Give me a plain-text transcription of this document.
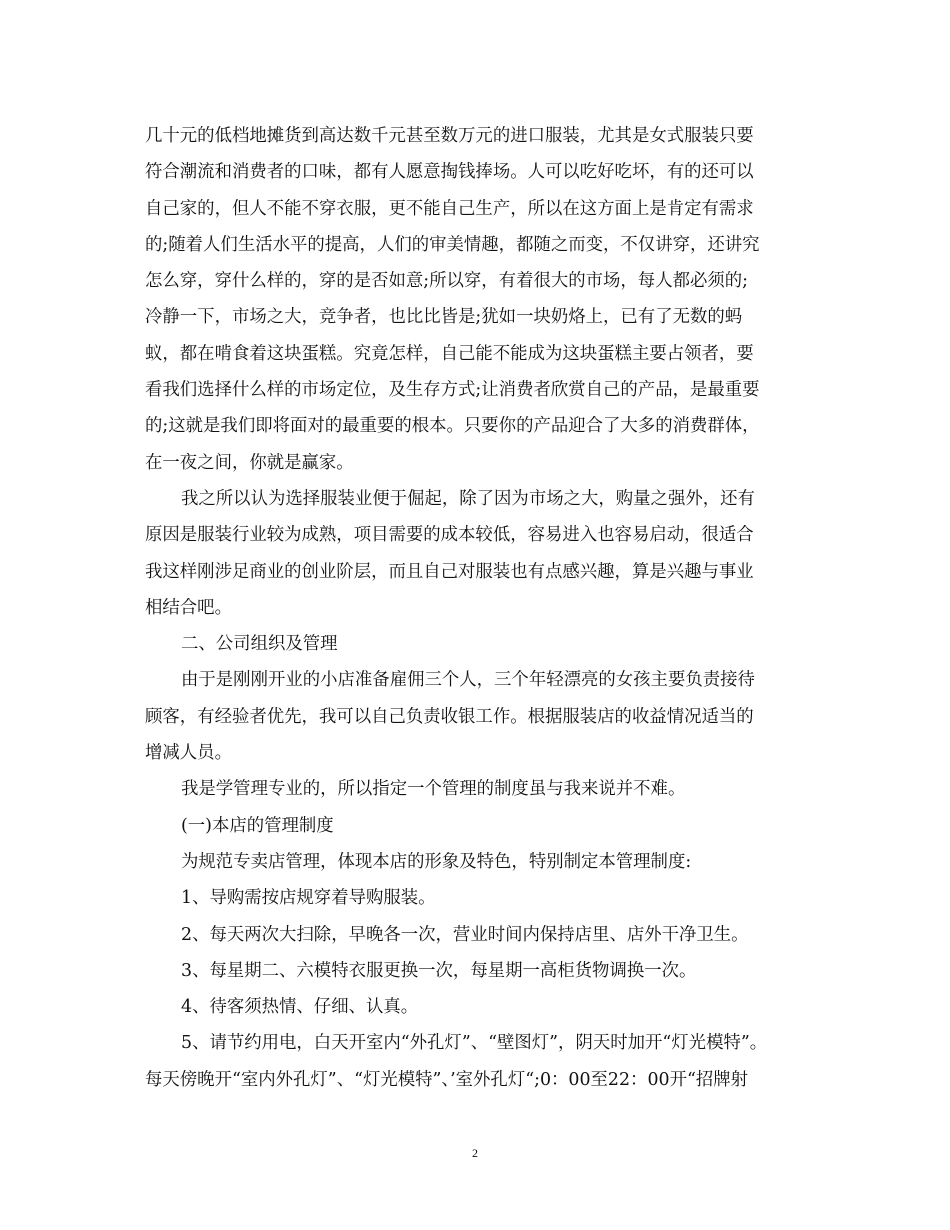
几十元的低档地摊货到高达数千元甚至数万元的进口服装，尤其是女式服装只要
符合潮流和消费者的口味，都有人愿意掏钱捧场。人可以吃好吃坏，有的还可以
自己家的，但人不能不穿衣服，更不能自己生产，所以在这方面上是肯定有需求
的;随着人们生活水平的提高，人们的审美情趣，都随之而变，不仅讲穿，还讲究
怎么穿，穿什么样的，穿的是否如意;所以穿，有着很大的市场，每人都必须的;
冷静一下，市场之大，竞争者，也比比皆是;犹如一块奶烙上，已有了无数的蚂
蚁，都在啃食着这块蛋糕。究竟怎样，自己能不能成为这块蛋糕主要占领者，要
看我们选择什么样的市场定位，及生存方式;让消费者欣赏自己的产品，是最重要
的;这就是我们即将面对的最重要的根本。只要你的产品迎合了大多的消费群体，
在一夜之间，你就是赢家。
我之所以认为选择服装业便于倔起，除了因为市场之大，购量之强外，还有
原因是服装行业较为成熟，项目需要的成本较低，容易进入也容易启动，很适合
我这样刚涉足商业的创业阶层，而且自己对服装也有点感兴趣，算是兴趣与事业
相结合吧。
二、公司组织及管理
由于是刚刚开业的小店准备雇佣三个人，三个年轻漂亮的女孩主要负责接待
顾客，有经验者优先，我可以自己负责收银工作。根据服装店的收益情况适当的
增减人员。
我是学管理专业的，所以指定一个管理的制度虽与我来说并不难。
(一)本店的管理制度
为规范专卖店管理，体现本店的形象及特色，特别制定本管理制度:
1、导购需按店规穿着导购服装。
2、每天两次大扫除，早晚各一次，营业时间内保持店里、店外干净卫生。
3、每星期二、六模特衣服更换一次，每星期一高柜货物调换一次。
4、待客须热情、仔细、认真。
5、请节约用电，白天开室内“外孔灯”、“壁图灯”，阴天时加开“灯光模特”。
每天傍晚开“室内外孔灯”、“灯光模特”、’室外孔灯“;0：00至22：00开“招牌射
2
